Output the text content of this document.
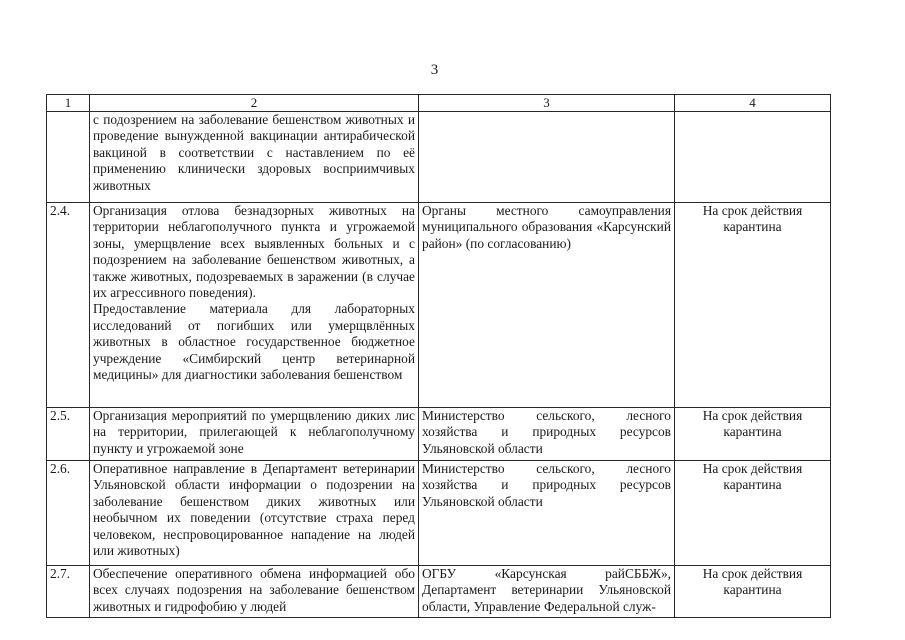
3
1	2	3	4

	с подозрением на заболевание бешенством животных и проведение вынужденной вакцинации антирабической вакциной в соответствии с наставлением по её применению клинически здоровых восприимчивых животных		

2.4.	Организация отлова безнадзорных животных на территории неблагополучного пункта и угрожаемой зоны, умерщвление всех выявленных больных и с подозрением на заболевание бешенством животных, а также животных, подозреваемых в заражении (в случае их агрессивного поведения).
Предоставление материала для лабораторных исследований от погибших или умерщвлённых животных в областное государственное бюджетное учреждение «Симбирский центр ветеринарной медицины» для диагностики заболевания бешенством	Органы местного самоуправления муниципального образования «Карсунский район» (по согласованию)	На срок действия карантина
2.5.	Организация мероприятий по умерщвлению диких лис на территории, прилегающей к неблагополучному пункту и угрожаемой зоне	Министерство сельского, лесного хозяйства и природных ресурсов Ульяновской области	На срок действия карантина
2.6.	Оперативное направление в Департамент ветеринарии Ульяновской области информации о подозрении на заболевание бешенством диких животных или необычном их поведении (отсутствие страха перед человеком, неспровоцированное нападение на людей или животных)	Министерство сельского, лесного хозяйства и природных ресурсов Ульяновской области	На срок действия карантина
2.7.	Обеспечение оперативного обмена информацией обо всех случаях подозрения на заболевание бешенством животных и гидрофобию у людей	ОГБУ «Карсунская райСББЖ», Департамент ветеринарии Ульяновской области, Управление Федеральной служ-	На срок действия карантина
